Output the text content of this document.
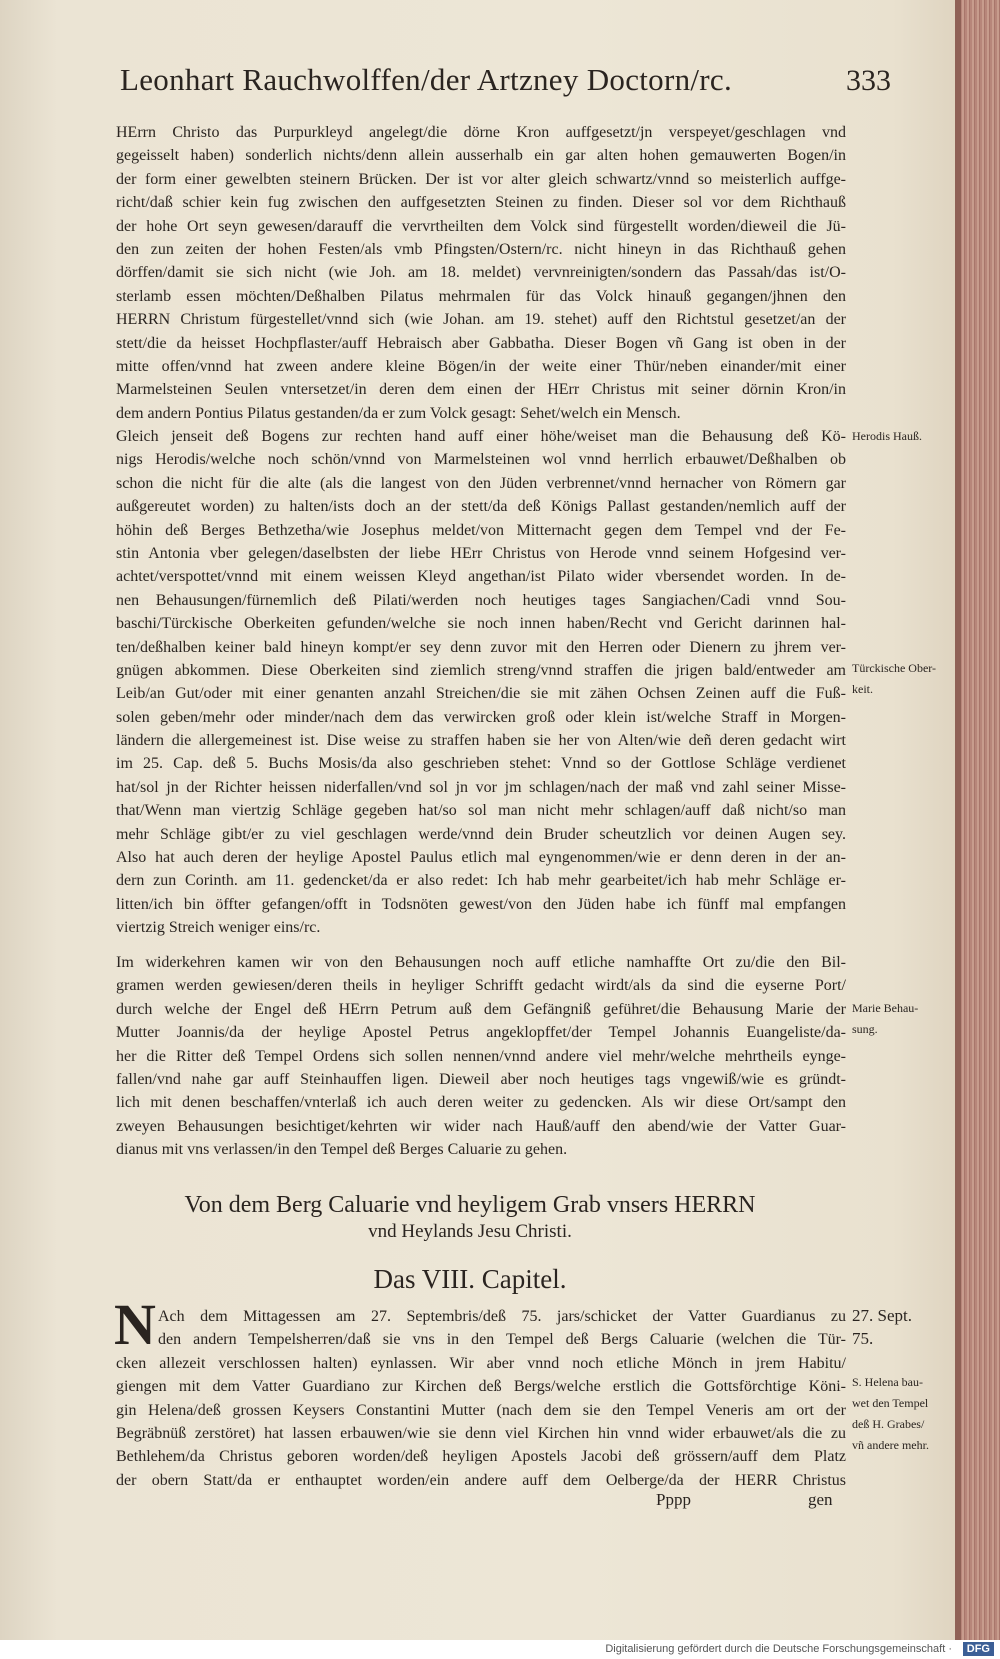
Leonhart Rauchwolffen/der Artzney Doctorn/rc.	333
HErrn Christo das Purpurkleyd angelegt/die dörne Kron auffgesetzt/jn verspeyet/geschlagen vnd
gegeisselt haben) sonderlich nichts/denn allein ausserhalb ein gar alten hohen gemauwerten Bogen/in
der form einer gewelbten steinern Brücken. Der ist vor alter gleich schwartz/vnnd so meisterlich auffge-
richt/daß schier kein fug zwischen den auffgesetzten Steinen zu finden. Dieser sol vor dem Richthauß
der hohe Ort seyn gewesen/darauff die vervrtheilten dem Volck sind fürgestellt worden/dieweil die Jü-
den zun zeiten der hohen Festen/als vmb Pfingsten/Ostern/rc. nicht hineyn in das Richthauß gehen
dörffen/damit sie sich nicht (wie Joh. am 18. meldet) vervnreinigten/sondern das Passah/das ist/O-
sterlamb essen möchten/Deßhalben Pilatus mehrmalen für das Volck hinauß gegangen/jhnen den
HERRN Christum fürgestellet/vnnd sich (wie Johan. am 19. stehet) auff den Richtstul gesetzet/an der
stett/die da heisset Hochpflaster/auff Hebraisch aber Gabbatha. Dieser Bogen vñ Gang ist oben in der
mitte offen/vnnd hat zween andere kleine Bögen/in der weite einer Thür/neben einander/mit einer
Marmelsteinen Seulen vntersetzet/in deren dem einen der HErr Christus mit seiner dörnin Kron/in
dem andern Pontius Pilatus gestanden/da er zum Volck gesagt: Sehet/welch ein Mensch.
Gleich jenseit deß Bogens zur rechten hand auff einer höhe/weiset man die Behausung deß Kö-
nigs Herodis/welche noch schön/vnnd von Marmelsteinen wol vnnd herrlich erbauwet/Deßhalben ob
schon die nicht für die alte (als die langest von den Jüden verbrennet/vnnd hernacher von Römern gar
außgereutet worden) zu halten/ists doch an der stett/da deß Königs Pallast gestanden/nemlich auff der
höhin deß Berges Bethzetha/wie Josephus meldet/von Mitternacht gegen dem Tempel vnd der Fe-
stin Antonia vber gelegen/daselbsten der liebe HErr Christus von Herode vnnd seinem Hofgesind ver-
achtet/verspottet/vnnd mit einem weissen Kleyd angethan/ist Pilato wider vbersendet worden. In de-
nen Behausungen/fürnemlich deß Pilati/werden noch heutiges tages Sangiachen/Cadi vnnd Sou-
baschi/Türckische Oberkeiten gefunden/welche sie noch innen haben/Recht vnd Gericht darinnen hal-
ten/deßhalben keiner bald hineyn kompt/er sey denn zuvor mit den Herren oder Dienern zu jhrem ver-
gnügen abkommen. Diese Oberkeiten sind ziemlich streng/vnnd straffen die jrigen bald/entweder am
Leib/an Gut/oder mit einer genanten anzahl Streichen/die sie mit zähen Ochsen Zeinen auff die Fuß-
solen geben/mehr oder minder/nach dem das verwircken groß oder klein ist/welche Straff in Morgen-
ländern die allergemeinest ist. Dise weise zu straffen haben sie her von Alten/wie deñ deren gedacht wirt
im 25. Cap. deß 5. Buchs Mosis/da also geschrieben stehet: Vnnd so der Gottlose Schläge verdienet
hat/sol jn der Richter heissen niderfallen/vnd sol jn vor jm schlagen/nach der maß vnd zahl seiner Misse-
that/Wenn man viertzig Schläge gegeben hat/so sol man nicht mehr schlagen/auff daß nicht/so man
mehr Schläge gibt/er zu viel geschlagen werde/vnnd dein Bruder scheutzlich vor deinen Augen sey.
Also hat auch deren der heylige Apostel Paulus etlich mal eyngenommen/wie er denn deren in der an-
dern zun Corinth. am 11. gedencket/da er also redet: Ich hab mehr gearbeitet/ich hab mehr Schläge er-
litten/ich bin öffter gefangen/offt in Todsnöten gewest/von den Jüden habe ich fünff mal empfangen
viertzig Streich weniger eins/rc.
Im widerkehren kamen wir von den Behausungen noch auff etliche namhaffte Ort zu/die den Bil-
gramen werden gewiesen/deren theils in heyliger Schrifft gedacht wirdt/als da sind die eyserne Port/
durch welche der Engel deß HErrn Petrum auß dem Gefängniß geführet/die Behausung Marie der
Mutter Joannis/da der heylige Apostel Petrus angeklopffet/der Tempel Johannis Euangeliste/da-
her die Ritter deß Tempel Ordens sich sollen nennen/vnnd andere viel mehr/welche mehrtheils eynge-
fallen/vnd nahe gar auff Steinhauffen ligen. Dieweil aber noch heutiges tags vngewiß/wie es gründt-
lich mit denen beschaffen/vnterlaß ich auch deren weiter zu gedencken. Als wir diese Ort/sampt den
zweyen Behausungen besichtiget/kehrten wir wider nach Hauß/auff den abend/wie der Vatter Guar-
dianus mit vns verlassen/in den Tempel deß Berges Caluarie zu gehen.
Von dem Berg Caluarie vnd heyligem Grab vnsers HERRN
vnd Heylands Jesu Christi.
Das VIII. Capitel.
N Ach dem Mittagessen am 27. Septembris/deß 75. jars/schicket der Vatter Guardianus zu
den andern Tempelsherren/daß sie vns in den Tempel deß Bergs Caluarie (welchen die Tür-
cken allezeit verschlossen halten) eynlassen. Wir aber vnnd noch etliche Mönch in jrem Habitu/
giengen mit dem Vatter Guardiano zur Kirchen deß Bergs/welche erstlich die Gottsförchtige Köni-
gin Helena/deß grossen Keysers Constantini Mutter (nach dem sie den Tempel Veneris am ort der
Begräbnüß zerstöret) hat lassen erbauwen/wie sie denn viel Kirchen hin vnnd wider erbauwet/als die zu
Bethlehem/da Christus geboren worden/deß heyligen Apostels Jacobi deß grössern/auff dem Platz
der obern Statt/da er enthauptet worden/ein andere auff dem Oelberge/da der HERR Christus
Herodis Hauß.
Türckische Ober-
keit.
Marie Behau-
sung.
27. Sept.
75.
S. Helena bau-
wet den Tempel
deß H. Grabes/
vñ andere mehr.
Pppp	gen
Digitalisierung gefördert durch die Deutsche Forschungsgemeinschaft ·	DFG
